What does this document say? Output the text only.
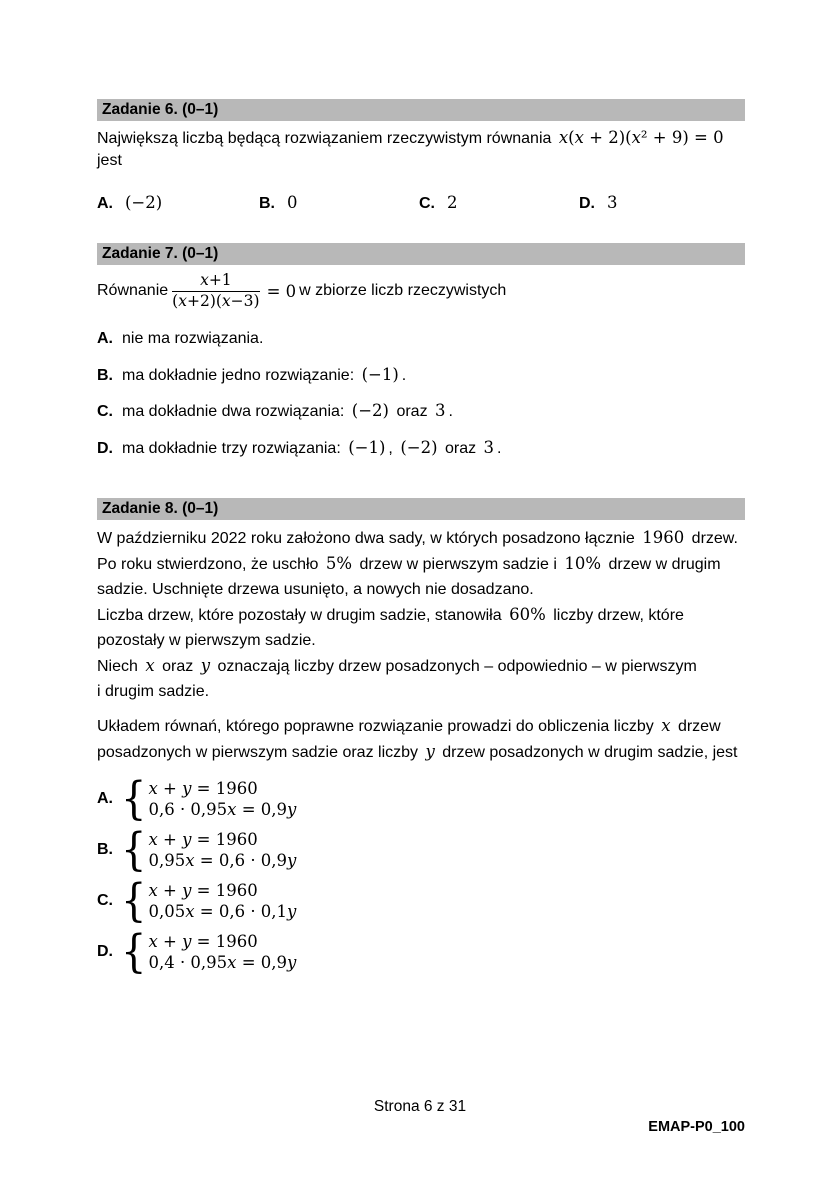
Zadanie 6. (0–1)
Największą liczbą będącą rozwiązaniem rzeczywistym równania x(x + 2)(x² + 9) = 0 jest
A. (−2)	B. 0	C. 2	D. 3
Zadanie 7. (0–1)
Równanie $\frac{x+1}{(x+2)(x-3)} = 0$ w zbiorze liczb rzeczywistych
A. nie ma rozwiązania.
B. ma dokładnie jedno rozwiązanie: (−1) .
C. ma dokładnie dwa rozwiązania: (−2) oraz 3 .
D. ma dokładnie trzy rozwiązania: (−1) , (−2) oraz 3 .
Zadanie 8. (0–1)
W październiku 2022 roku założono dwa sady, w których posadzono łącznie 1960 drzew.
Po roku stwierdzono, że uschło 5% drzew w pierwszym sadzie i 10% drzew w drugim
sadzie. Uschnięte drzewa usunięto, a nowych nie dosadzano.
Liczba drzew, które pozostały w drugim sadzie, stanowiła 60% liczby drzew, które
pozostały w pierwszym sadzie.
Niech x oraz y oznaczają liczby drzew posadzonych – odpowiednio – w pierwszym
i drugim sadzie.
Układem równań, którego poprawne rozwiązanie prowadzi do obliczenia liczby x drzew
posadzonych w pierwszym sadzie oraz liczby y drzew posadzonych w drugim sadzie, jest
A. { x + y = 1960
0,6 · 0,95x = 0,9y
B. { x + y = 1960
0,95x = 0,6 · 0,9y
C. { x + y = 1960
0,05x = 0,6 · 0,1y
D. { x + y = 1960
0,4 · 0,95x = 0,9y
Strona 6 z 31
EMAP-P0_100
